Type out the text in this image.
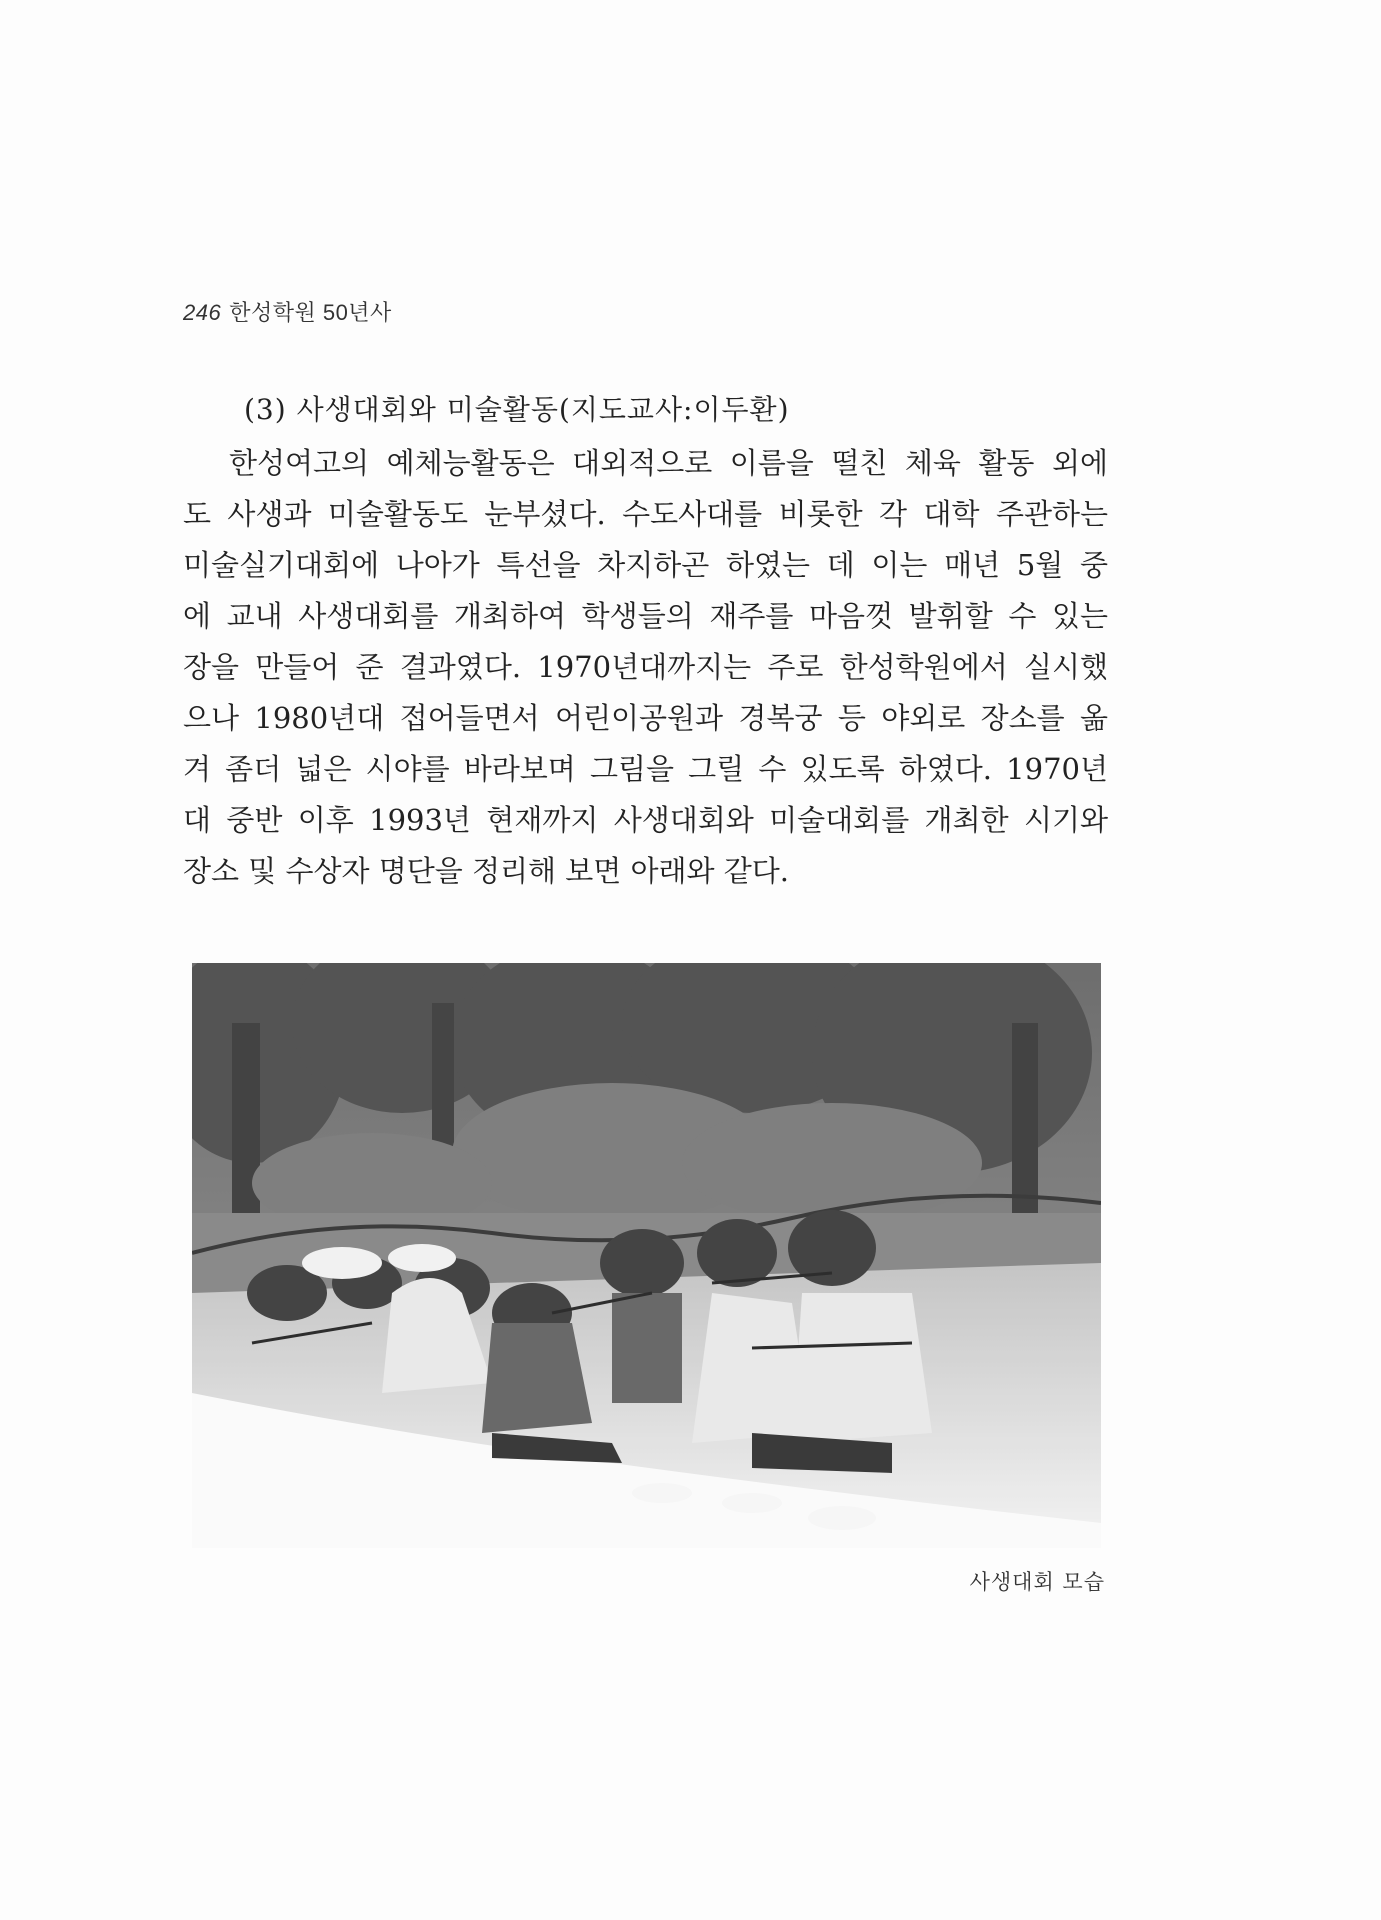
246 한성학원 50년사
(3) 사생대회와 미술활동(지도교사:이두환)
한성여고의 예체능활동은 대외적으로 이름을 떨친 체육 활동 외에
도 사생과 미술활동도 눈부셨다. 수도사대를 비롯한 각 대학 주관하는
미술실기대회에 나아가 특선을 차지하곤 하였는 데 이는 매년 5월 중
에 교내 사생대회를 개최하여 학생들의 재주를 마음껏 발휘할 수 있는
장을 만들어 준 결과였다. 1970년대까지는 주로 한성학원에서 실시했
으나 1980년대 접어들면서 어린이공원과 경복궁 등 야외로 장소를 옮
겨 좀더 넓은 시야를 바라보며 그림을 그릴 수 있도록 하였다. 1970년
대 중반 이후 1993년 현재까지 사생대회와 미술대회를 개최한 시기와
장소 및 수상자 명단을 정리해 보면 아래와 같다.
사생대회 모습
